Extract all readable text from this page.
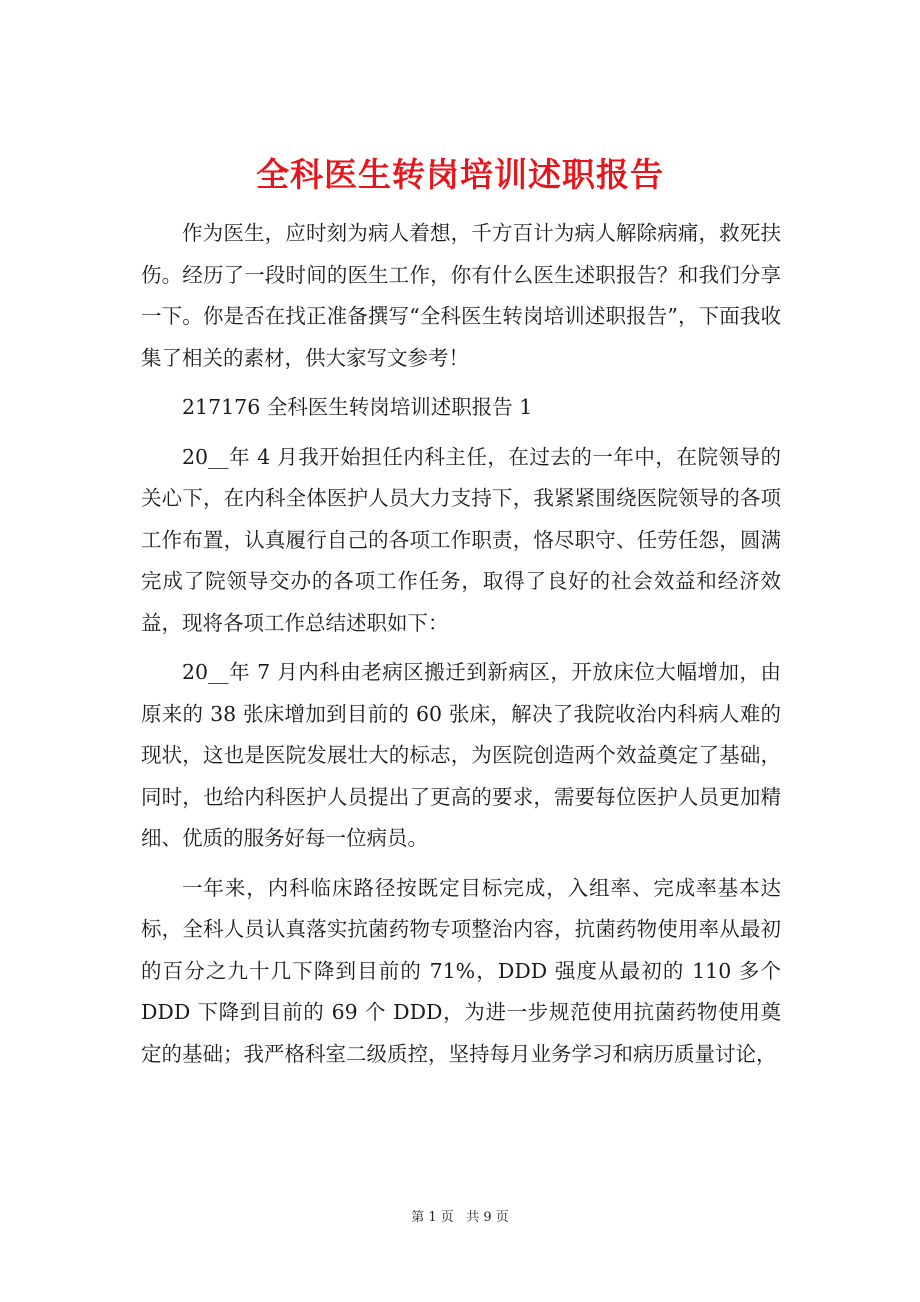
全科医生转岗培训述职报告

作为医生，应时刻为病人着想，千方百计为病人解除病痛，救死扶伤。经历了一段时间的医生工作，你有什么医生述职报告？和我们分享一下。你是否在找正准备撰写“全科医生转岗培训述职报告”，下面我收集了相关的素材，供大家写文参考！

217176 全科医生转岗培训述职报告 1

20__年 4 月我开始担任内科主任，在过去的一年中，在院领导的关心下，在内科全体医护人员大力支持下，我紧紧围绕医院领导的各项工作布置，认真履行自己的各项工作职责，恪尽职守、任劳任怨，圆满完成了院领导交办的各项工作任务，取得了良好的社会效益和经济效益，现将各项工作总结述职如下：

20__年 7 月内科由老病区搬迁到新病区，开放床位大幅增加，由原来的 38 张床增加到目前的 60 张床，解决了我院收治内科病人难的现状，这也是医院发展壮大的标志，为医院创造两个效益奠定了基础，同时，也给内科医护人员提出了更高的要求，需要每位医护人员更加精细、优质的服务好每一位病员。

一年来，内科临床路径按既定目标完成，入组率、完成率基本达标，全科人员认真落实抗菌药物专项整治内容，抗菌药物使用率从最初的百分之九十几下降到目前的 71%，DDD 强度从最初的 110 多个 DDD 下降到目前的 69 个 DDD，为进一步规范使用抗菌药物使用奠定的基础；我严格科室二级质控，坚持每月业务学习和病历质量讨论，

第 1 页 共 9 页
